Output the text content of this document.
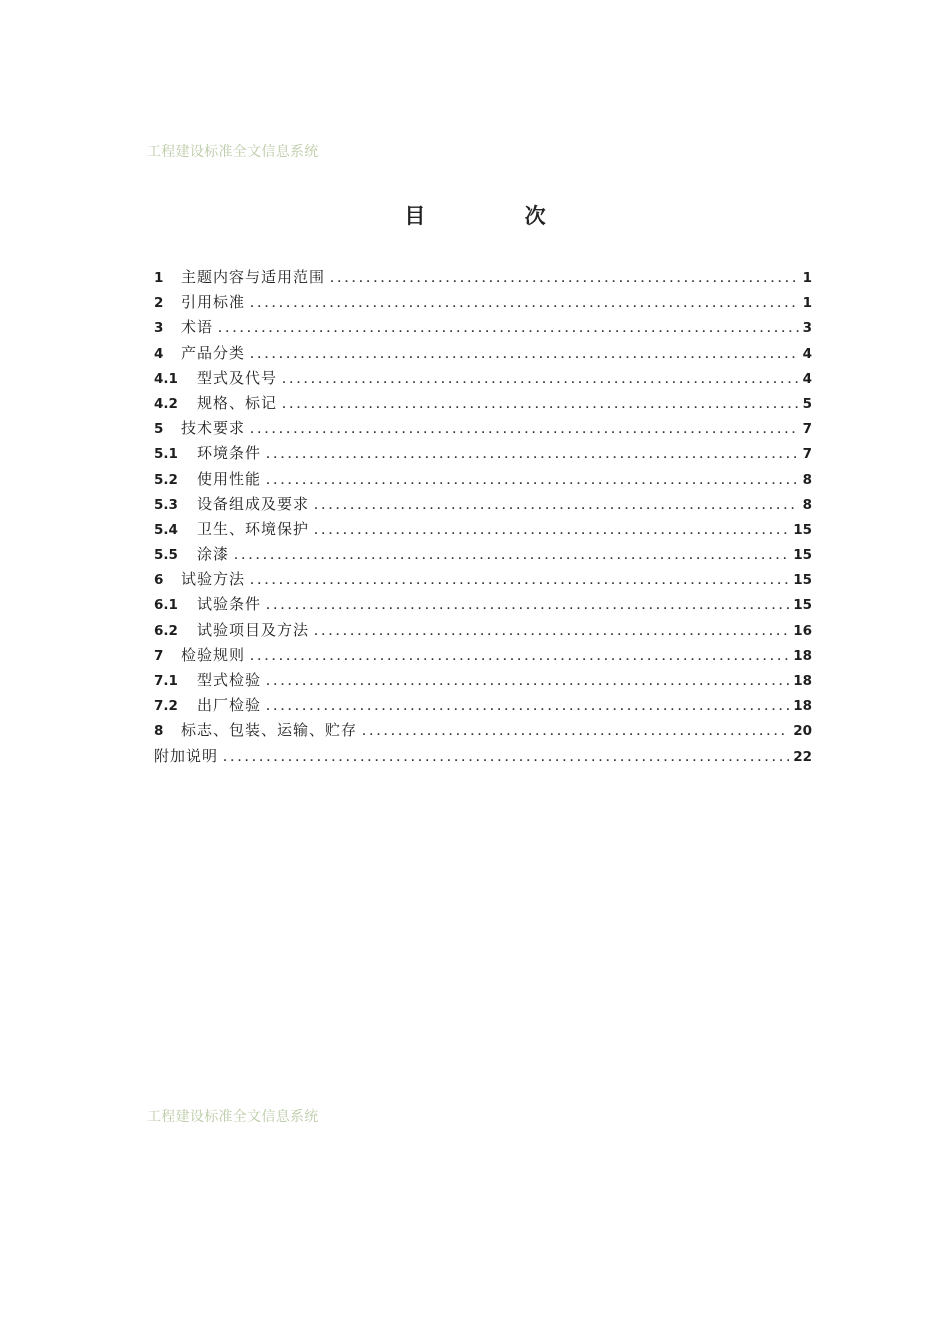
工程建设标准全文信息系统
目 次
1	主题内容与适用范围 .....	1
2	引用标准 .....	1
3	术语 .....	3
4	产品分类 .....	4
4.1	型式及代号 .....	4
4.2	规格、标记 .....	5
5	技术要求 .....	7
5.1	环境条件 .....	7
5.2	使用性能 .....	8
5.3	设备组成及要求 .....	8
5.4	卫生、环境保护 .....	15
5.5	涂漆 .....	15
6	试验方法 .....	15
6.1	试验条件 .....	15
6.2	试验项目及方法 .....	16
7	检验规则 .....	18
7.1	型式检验 .....	18
7.2	出厂检验 .....	18
8	标志、包装、运输、贮存 .....	20
附加说明 .....	22
工程建设标准全文信息系统
